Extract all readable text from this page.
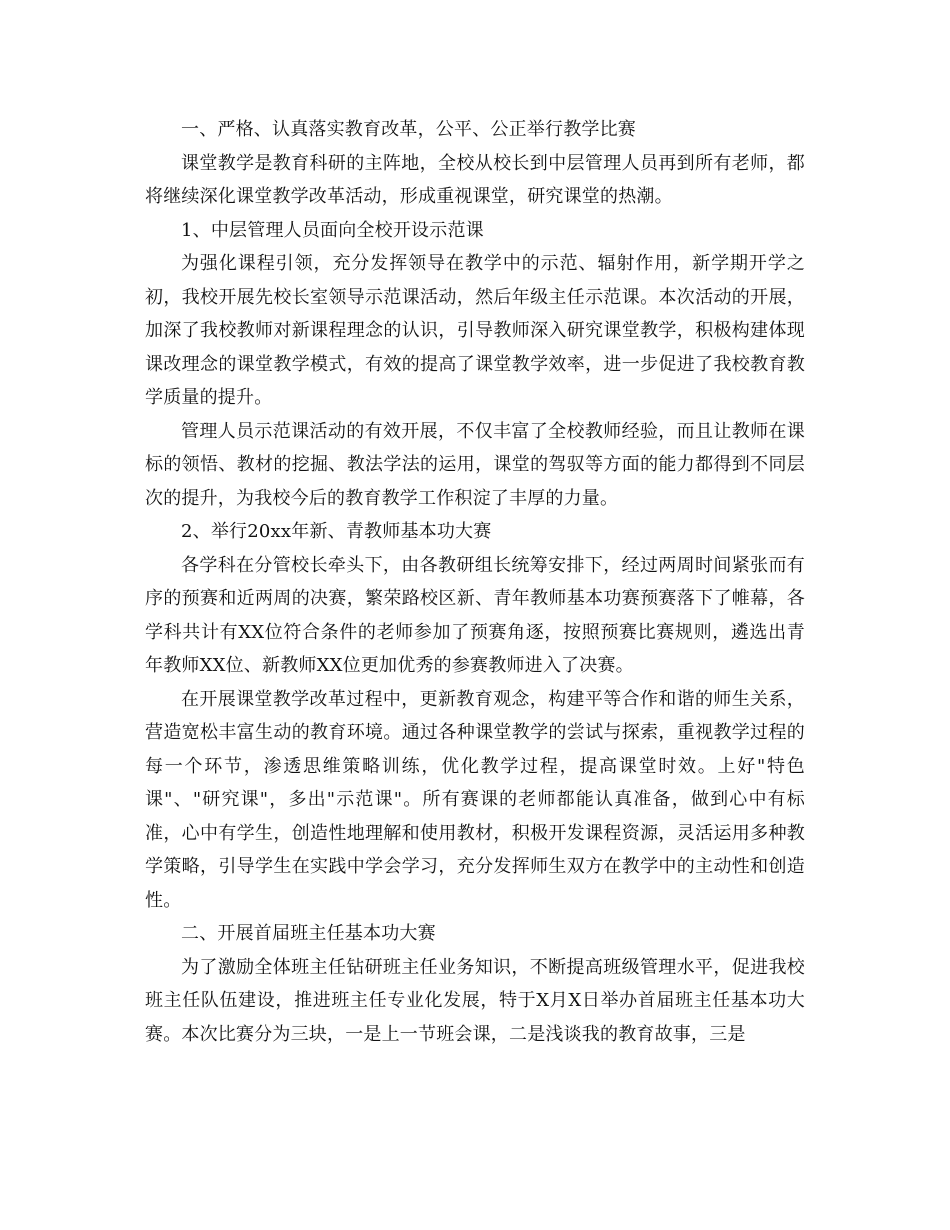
一、严格、认真落实教育改革，公平、公正举行教学比赛

课堂教学是教育科研的主阵地，全校从校长到中层管理人员再到所有老师，都将继续深化课堂教学改革活动，形成重视课堂，研究课堂的热潮。

1、中层管理人员面向全校开设示范课

为强化课程引领，充分发挥领导在教学中的示范、辐射作用，新学期开学之初，我校开展先校长室领导示范课活动，然后年级主任示范课。本次活动的开展，加深了我校教师对新课程理念的认识，引导教师深入研究课堂教学，积极构建体现课改理念的课堂教学模式，有效的提高了课堂教学效率，进一步促进了我校教育教学质量的提升。

管理人员示范课活动的有效开展，不仅丰富了全校教师经验，而且让教师在课标的领悟、教材的挖掘、教法学法的运用，课堂的驾驭等方面的能力都得到不同层次的提升，为我校今后的教育教学工作积淀了丰厚的力量。

2、举行20xx年新、青教师基本功大赛

各学科在分管校长牵头下，由各教研组长统筹安排下，经过两周时间紧张而有序的预赛和近两周的决赛，繁荣路校区新、青年教师基本功赛预赛落下了帷幕，各学科共计有XX位符合条件的老师参加了预赛角逐，按照预赛比赛规则，遴选出青年教师XX位、新教师XX位更加优秀的参赛教师进入了决赛。

在开展课堂教学改革过程中，更新教育观念，构建平等合作和谐的师生关系，营造宽松丰富生动的教育环境。通过各种课堂教学的尝试与探索，重视教学过程的每一个环节，渗透思维策略训练，优化教学过程，提高课堂时效。上好"特色课"、"研究课"，多出"示范课"。所有赛课的老师都能认真准备，做到心中有标准，心中有学生，创造性地理解和使用教材，积极开发课程资源，灵活运用多种教学策略，引导学生在实践中学会学习，充分发挥师生双方在教学中的主动性和创造性。

二、开展首届班主任基本功大赛

为了激励全体班主任钻研班主任业务知识，不断提高班级管理水平，促进我校班主任队伍建设，推进班主任专业化发展，特于X月X日举办首届班主任基本功大赛。本次比赛分为三块，一是上一节班会课，二是浅谈我的教育故事，三是
